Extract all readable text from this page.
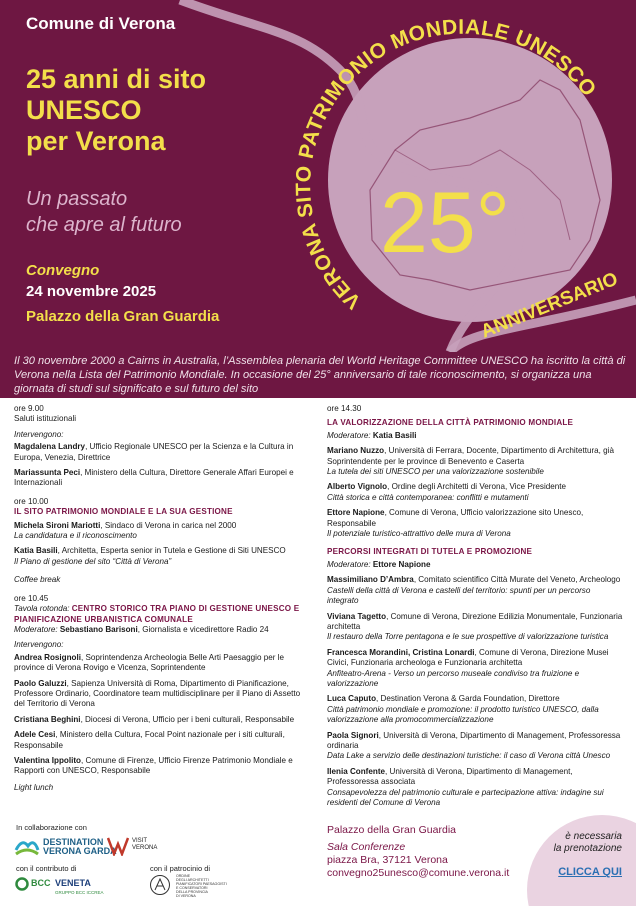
VERONA SITO PATRIMONIO MONDIALE UNESCO
25°
ANNIVERSARIO
Comune di Verona
25 anni di sito
UNESCO
per Verona
Un passato
che apre al futuro
Convegno
24 novembre 2025
Palazzo della Gran Guardia

Il 30 novembre 2000 a Cairns in Australia, l’Assemblea plenaria del World Heritage Committee UNESCO ha iscritto la città di Verona nella Lista del Patrimonio Mondiale. In occasione del 25° anniversario di tale riconoscimento, si organizza una giornata di studi sul significato e sul futuro del sito

ore 9.00
Saluti istituzionali
Intervengono:
Magdalena Landry, Ufficio Regionale UNESCO per la Scienza e la Cultura in Europa, Venezia, Direttrice
Mariassunta Peci, Ministero della Cultura, Direttore Generale Affari Europei e Internazionali
ore 10.00
IL SITO PATRIMONIO MONDIALE E LA SUA GESTIONE
Michela Sironi Mariotti, Sindaco di Verona in carica nel 2000
La candidatura e il riconoscimento
Katia Basili, Architetta, Esperta senior in Tutela e Gestione di Siti UNESCO
Il Piano di gestione del sito “Città di Verona”
Coffee break
ore 10.45
Tavola rotonda: CENTRO STORICO TRA PIANO DI GESTIONE UNESCO E
PIANIFICAZIONE URBANISTICA COMUNALE
Moderatore: Sebastiano Barisoni, Giornalista e vicedirettore Radio 24
Intervengono:
Andrea Rosignoli, Soprintendenza Archeologia Belle Arti Paesaggio per le province di Verona Rovigo e Vicenza, Soprintendente
Paolo Galuzzi, Sapienza Università di Roma, Dipartimento di Pianificazione, Professore Ordinario, Coordinatore team multidisciplinare per il Piano di Assetto del Territorio di Verona
Cristiana Beghini, Diocesi di Verona, Ufficio per i beni culturali, Responsabile
Adele Cesi, Ministero della Cultura, Focal Point nazionale per i siti culturali, Responsabile
Valentina Ippolito, Comune di Firenze, Ufficio Firenze Patrimonio Mondiale e Rapporti con UNESCO, Responsabile
Light lunch
ore 14.30
LA VALORIZZAZIONE DELLA CITTÀ PATRIMONIO MONDIALE
Moderatore: Katia Basili
Mariano Nuzzo, Università di Ferrara, Docente, Dipartimento di Architettura, già Soprintendente per le province di Benevento e Caserta
La tutela dei siti UNESCO per una valorizzazione sostenibile
Alberto Vignolo, Ordine degli Architetti di Verona, Vice Presidente
Città storica e città contemporanea: conflitti e mutamenti
Ettore Napione, Comune di Verona, Ufficio valorizzazione sito Unesco, Responsabile
Il potenziale turistico-attrattivo delle mura di Verona
PERCORSI INTEGRATI DI TUTELA E PROMOZIONE
Moderatore: Ettore Napione
Massimiliano D’Ambra, Comitato scientifico Città Murate del Veneto, Archeologo
Castelli della città di Verona e castelli del territorio: spunti per un percorso integrato
Viviana Tagetto, Comune di Verona, Direzione Edilizia Monumentale, Funzionaria architetta
Il restauro della Torre pentagona e le sue prospettive di valorizzazione turistica
Francesca Morandini, Cristina Lonardi, Comune di Verona, Direzione Musei Civici, Funzionaria archeologa e Funzionaria architetta
Anfiteatro-Arena - Verso un percorso museale condiviso tra fruizione e valorizzazione
Luca Caputo, Destination Verona & Garda Foundation, Direttore
Città patrimonio mondiale e promozione: il prodotto turistico UNESCO, dalla valorizzazione alla promocommercializzazione
Paola Signori, Università di Verona, Dipartimento di Management, Professoressa ordinaria
Data Lake a servizio delle destinazioni turistiche: il caso di Verona città Unesco
Ilenia Confente, Università di Verona, Dipartimento di Management, Professoressa associata
Consapevolezza del patrimonio culturale e partecipazione attiva: indagine sui residenti del Comune di Verona
In collaborazione con
DESTINATION
VERONA GARDA
VISIT
VERONA
con il contributo di
BCC VENETA
GRUPPO BCC ICCREA
con il patrocinio di
ORDINE
DEGLI ARCHITETTI
PIANIFICATORI PAESAGGISTI
E CONSERVATORI
DELLA PROVINCIA
DI VERONA
Palazzo della Gran Guardia
Sala Conferenze
piazza Bra, 37121 Verona
convegno25unesco@comune.verona.it
è necessaria
la prenotazione
CLICCA QUI
